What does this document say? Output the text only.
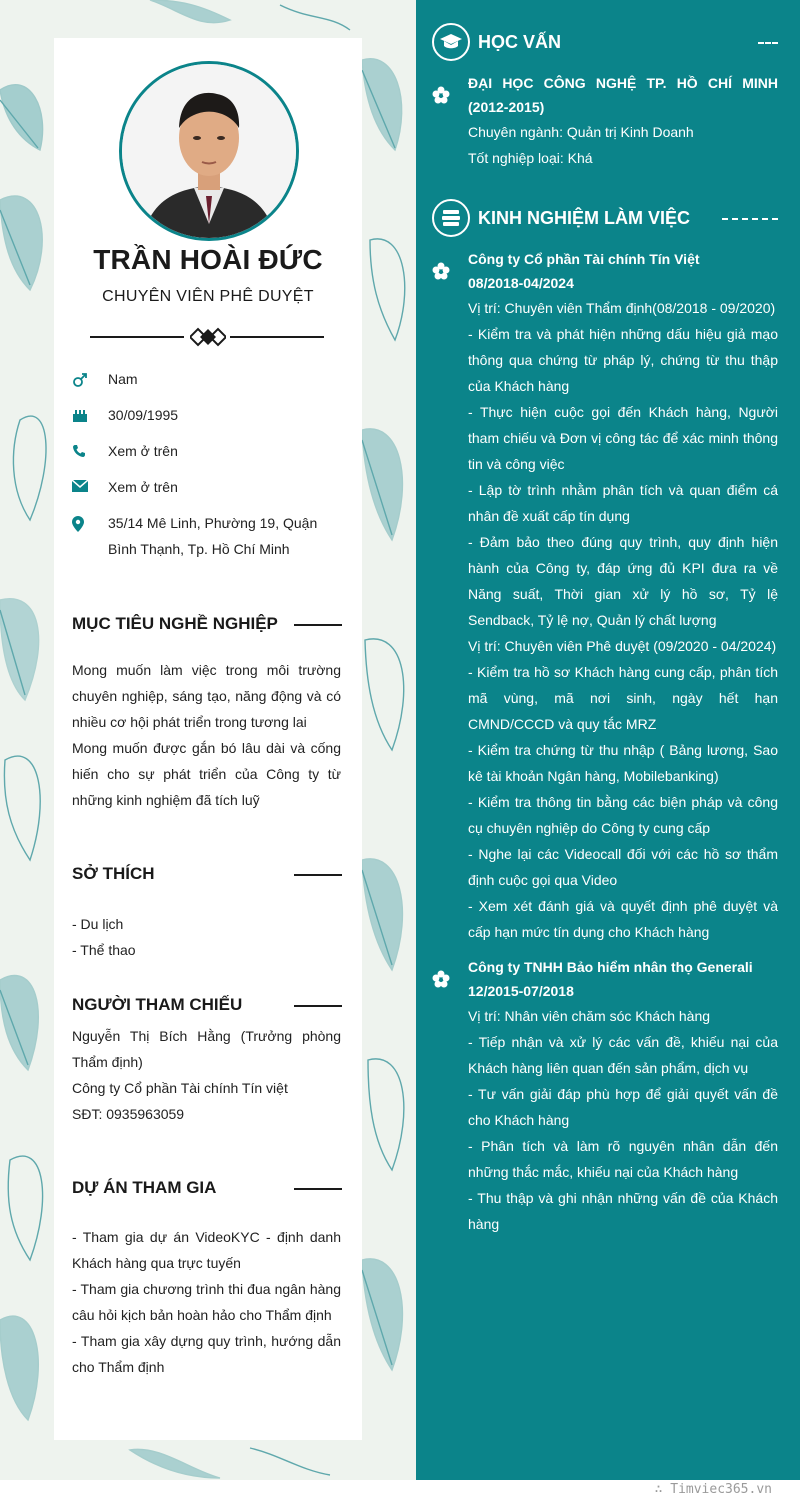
TRẦN HOÀI ĐỨC
CHUYÊN VIÊN PHÊ DUYỆT
Nam
30/09/1995
Xem ở trên
Xem ở trên
35/14 Mê Linh, Phường 19, Quận Bình Thạnh, Tp. Hồ Chí Minh
MỤC TIÊU NGHỀ NGHIỆP
Mong muốn làm việc trong môi trường chuyên nghiệp, sáng tạo, năng động và có nhiều cơ hội phát triển trong tương lai
Mong muốn được gắn bó lâu dài và cống hiến cho sự phát triển của Công ty từ những kinh nghiệm đã tích luỹ
SỞ THÍCH
- Du lịch
- Thể thao
NGƯỜI THAM CHIẾU
Nguyễn Thị Bích Hằng (Trưởng phòng Thẩm định)
Công ty Cổ phần Tài chính Tín việt
SĐT: 0935963059
DỰ ÁN THAM GIA
- Tham gia dự án VideoKYC - định danh Khách hàng qua trực tuyến
- Tham gia chương trình thi đua ngân hàng câu hỏi kịch bản hoàn hảo cho Thẩm định
- Tham gia xây dựng quy trình, hướng dẫn cho Thẩm định
HỌC VẤN
ĐẠI HỌC CÔNG NGHỆ TP. HỒ CHÍ MINH (2012-2015)
Chuyên ngành: Quản trị Kinh Doanh
Tốt nghiệp loại: Khá
KINH NGHIỆM LÀM VIỆC
Công ty Cổ phần Tài chính Tín Việt
08/2018-04/2024
Vị trí: Chuyên viên Thẩm định(08/2018 - 09/2020)
- Kiểm tra và phát hiện những dấu hiệu giả mạo thông qua chứng từ pháp lý, chứng từ thu thập của Khách hàng
- Thực hiện cuộc gọi đến Khách hàng, Người tham chiếu và Đơn vị công tác để xác minh thông tin và công việc
- Lập tờ trình nhằm phân tích và quan điểm cá nhân đề xuất cấp tín dụng
- Đảm bảo theo đúng quy trình, quy định hiện hành của Công ty, đáp ứng đủ KPI đưa ra về Năng suất, Thời gian xử lý hồ sơ, Tỷ lệ Sendback, Tỷ lệ nợ, Quản lý chất lượng
Vị trí: Chuyên viên Phê duyệt (09/2020 - 04/2024)
- Kiểm tra hồ sơ Khách hàng cung cấp, phân tích mã vùng, mã nơi sinh, ngày hết hạn CMND/CCCD và quy tắc MRZ
- Kiểm tra chứng từ thu nhập ( Bảng lương, Sao kê tài khoản Ngân hàng, Mobilebanking)
- Kiểm tra thông tin bằng các biện pháp và công cụ chuyên nghiệp do Công ty cung cấp
- Nghe lại các Videocall đối với các hồ sơ thẩm định cuộc gọi qua Video
- Xem xét đánh giá và quyết định phê duyệt và cấp hạn mức tín dụng cho Khách hàng
Công ty TNHH Bảo hiểm nhân thọ Generali
12/2015-07/2018
Vị trí: Nhân viên chăm sóc Khách hàng
- Tiếp nhận và xử lý các vấn đề, khiếu nại của Khách hàng liên quan đến sản phẩm, dịch vụ
- Tư vấn giải đáp phù hợp để giải quyết vấn đề cho Khách hàng
- Phân tích và làm rõ nguyên nhân dẫn đến những thắc mắc, khiếu nại của Khách hàng
- Thu thập và ghi nhận những vấn đề của Khách hàng
∴ Timviec365.vn
